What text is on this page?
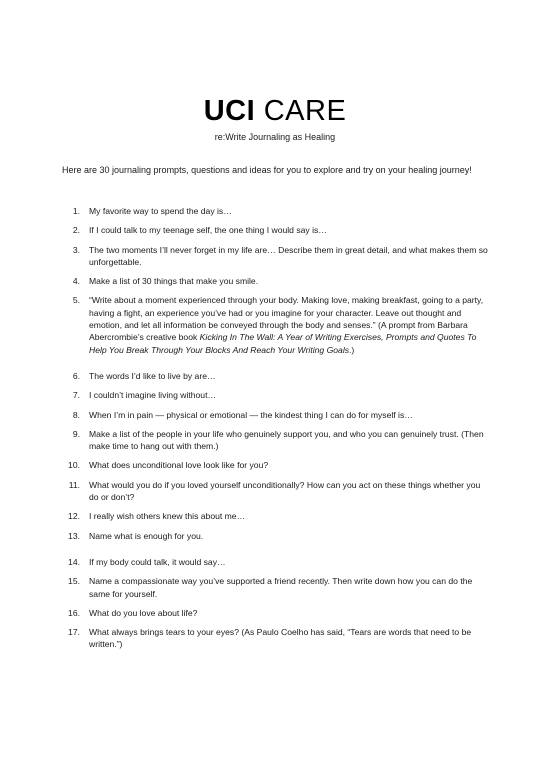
UCI CARE
re:Write Journaling as Healing
Here are 30 journaling prompts, questions and ideas for you to explore and try on your healing journey!
1. My favorite way to spend the day is…
2. If I could talk to my teenage self, the one thing I would say is…
3. The two moments I’ll never forget in my life are… Describe them in great detail, and what makes them so unforgettable.
4. Make a list of 30 things that make you smile.
5. “Write about a moment experienced through your body. Making love, making breakfast, going to a party, having a fight, an experience you’ve had or you imagine for your character. Leave out thought and emotion, and let all information be conveyed through the body and senses.” (A prompt from Barbara Abercrombie’s creative book Kicking In The Wall: A Year of Writing Exercises, Prompts and Quotes To Help You Break Through Your Blocks And Reach Your Writing Goals.)
6. The words I’d like to live by are…
7. I couldn’t imagine living without…
8. When I’m in pain — physical or emotional — the kindest thing I can do for myself is…
9. Make a list of the people in your life who genuinely support you, and who you can genuinely trust. (Then make time to hang out with them.)
10. What does unconditional love look like for you?
11. What would you do if you loved yourself unconditionally? How can you act on these things whether you do or don’t?
12. I really wish others knew this about me…
13. Name what is enough for you.
14. If my body could talk, it would say…
15. Name a compassionate way you’ve supported a friend recently. Then write down how you can do the same for yourself.
16. What do you love about life?
17. What always brings tears to your eyes? (As Paulo Coelho has said, “Tears are words that need to be written.”)
